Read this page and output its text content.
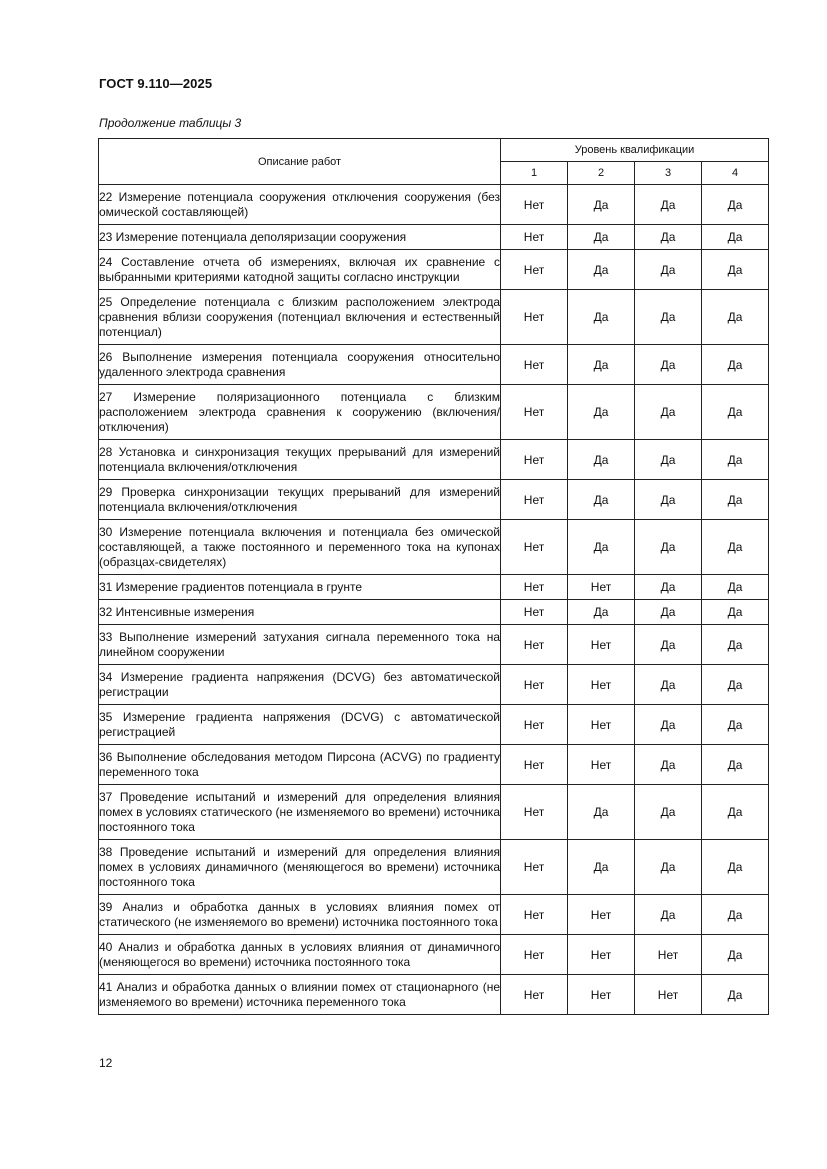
ГОСТ 9.110—2025
Продолжение таблицы 3
Описание работ	Уровень квалификации			
	1	2	3	4
22 Измерение потенциала сооружения отключения сооружения (без омической составляющей)	Нет	Да	Да	Да
23 Измерение потенциала деполяризации сооружения	Нет	Да	Да	Да
24 Составление отчета об измерениях, включая их сравнение с выбранными критериями катодной защиты согласно инструкции	Нет	Да	Да	Да
25 Определение потенциала с близким расположением электрода сравнения вблизи сооружения (потенциал включения и естественный потенциал)	Нет	Да	Да	Да
26 Выполнение измерения потенциала сооружения относительно удаленного электрода сравнения	Нет	Да	Да	Да
27 Измерение поляризационного потенциала с близким расположением электрода сравнения к сооружению (включения/отключения)	Нет	Да	Да	Да
28 Установка и синхронизация текущих прерываний для измерений потенциала включения/отключения	Нет	Да	Да	Да
29 Проверка синхронизации текущих прерываний для измерений потенциала включения/отключения	Нет	Да	Да	Да
30 Измерение потенциала включения и потенциала без омической составляющей, а также постоянного и переменного тока на купонах (образцах-свидетелях)	Нет	Да	Да	Да
31 Измерение градиентов потенциала в грунте	Нет	Нет	Да	Да
32 Интенсивные измерения	Нет	Да	Да	Да
33 Выполнение измерений затухания сигнала переменного тока на линейном сооружении	Нет	Нет	Да	Да
34 Измерение градиента напряжения (DCVG) без автоматической регистрации	Нет	Нет	Да	Да
35 Измерение градиента напряжения (DCVG) с автоматической регистрацией	Нет	Нет	Да	Да
36 Выполнение обследования методом Пирсона (ACVG) по градиенту переменного тока	Нет	Нет	Да	Да
37 Проведение испытаний и измерений для определения влияния помех в условиях статического (не изменяемого во времени) источника постоянного тока	Нет	Да	Да	Да
38 Проведение испытаний и измерений для определения влияния помех в условиях динамичного (меняющегося во времени) источника постоянного тока	Нет	Да	Да	Да
39 Анализ и обработка данных в условиях влияния помех от статического (не изменяемого во времени) источника постоянного тока	Нет	Нет	Да	Да
40 Анализ и обработка данных в условиях влияния от динамичного (меняющегося во времени) источника постоянного тока	Нет	Нет	Нет	Да
41 Анализ и обработка данных о влиянии помех от стационарного (не изменяемого во времени) источника переменного тока	Нет	Нет	Нет	Да
12
